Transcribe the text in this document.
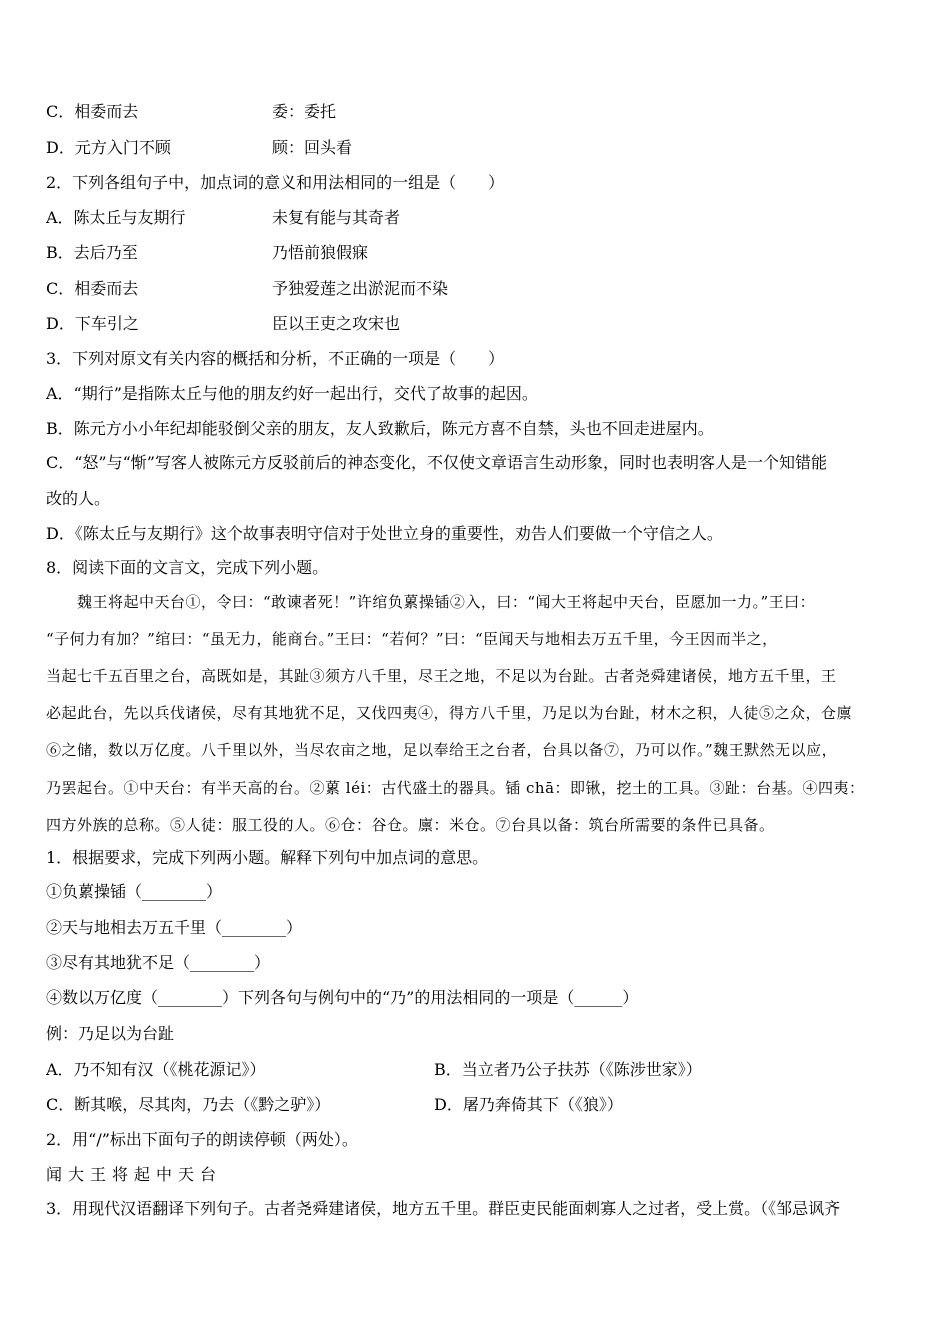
C．相委而去	委：委托
D．元方入门不顾	顾：回头看
2．下列各组句子中，加点词的意义和用法相同的一组是（　　）
A．陈太丘与友期行	未复有能与其奇者
B．去后乃至	乃悟前狼假寐
C．相委而去	予独爱莲之出淤泥而不染
D．下车引之	臣以王吏之攻宋也
3．下列对原文有关内容的概括和分析，不正确的一项是（　　）
A．“期行”是指陈太丘与他的朋友约好一起出行，交代了故事的起因。
B．陈元方小小年纪却能驳倒父亲的朋友，友人致歉后，陈元方喜不自禁，头也不回走进屋内。
C．“怒”与“惭”写客人被陈元方反驳前后的神态变化，不仅使文章语言生动形象，同时也表明客人是一个知错能
改的人。
D．《陈太丘与友期行》这个故事表明守信对于处世立身的重要性，劝告人们要做一个守信之人。
8．阅读下面的文言文，完成下列小题。
　　魏王将起中天台①，令曰：“敢谏者死！”许绾负蔂操锸②入，曰：“闻大王将起中天台，臣愿加一力。”王曰：
“子何力有加？”绾曰：“虽无力，能商台。”王曰：“若何？”曰：“臣闻天与地相去万五千里，今王因而半之，
当起七千五百里之台，高既如是，其趾③须方八千里，尽王之地，不足以为台趾。古者尧舜建诸侯，地方五千里，王
必起此台，先以兵伐诸侯，尽有其地犹不足，又伐四夷④，得方八千里，乃足以为台趾，材木之积，人徒⑤之众，仓廪
⑥之储，数以万亿度。八千里以外，当尽农亩之地，足以奉给王之台者，台具以备⑦，乃可以作。”魏王默然无以应，
乃罢起台。①中天台：有半天高的台。②蔂 léi：古代盛土的器具。锸 chā：即锹，挖土的工具。③趾：台基。④四夷：
四方外族的总称。⑤人徒：服工役的人。⑥仓：谷仓。廪：米仓。⑦台具以备：筑台所需要的条件已具备。
1．根据要求，完成下列两小题。解释下列句中加点词的意思。
①负蔂操锸（________）
②天与地相去万五千里（________）
③尽有其地犹不足（________）
④数以万亿度（________）下列各句与例句中的“乃”的用法相同的一项是（______）
例：乃足以为台趾
A．乃不知有汉（《桃花源记》）	B．当立者乃公子扶苏（《陈涉世家》）
C．断其喉，尽其肉，乃去（《黔之驴》）	D．屠乃奔倚其下（《狼》）
2．用“/”标出下面句子的朗读停顿（两处）。
闻大王将起中天台
3．用现代汉语翻译下列句子。古者尧舜建诸侯，地方五千里。群臣吏民能面刺寡人之过者，受上赏。（《邹忌讽齐
